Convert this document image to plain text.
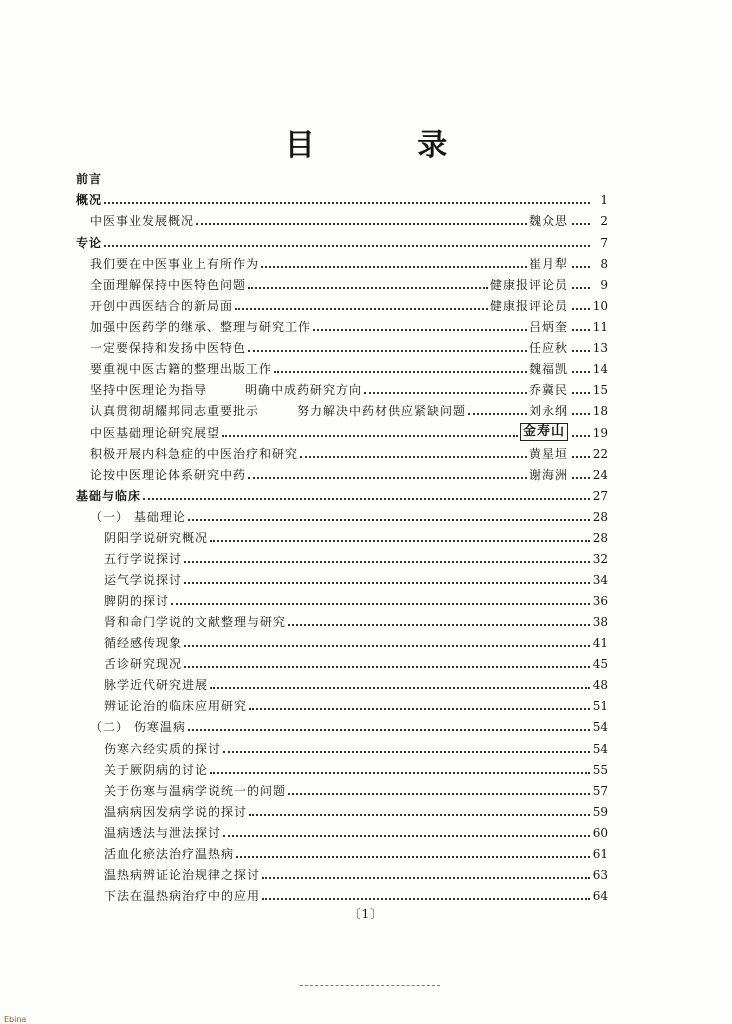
目 录
前言
概况	1
中医事业发展概况	魏众思	2
专论	7
我们要在中医事业上有所作为	崔月犁	8
全面理解保持中医特色问题	健康报评论员	9
开创中西医结合的新局面	健康报评论员 10
加强中医药学的继承、整理与研究工作	吕炳奎 11
一定要保持和发扬中医特色	任应秋 13
要重视中医古籍的整理出版工作	魏福凯 14
坚持中医理论为指导	明确中成药研究方向	乔冀民 15
认真贯彻胡耀邦同志重要批示	努力解决中药材供应紧缺问题	刘永纲 18
中医基础理论研究展望	金寿山 19
积极开展内科急症的中医治疗和研究	黄星垣 22
论按中医理论体系研究中药	谢海洲 24
基础与临床	27
（一） 基础理论	28
阴阳学说研究概况	28
五行学说探讨	32
运气学说探讨	34
脾阴的探讨	36
肾和命门学说的文献整理与研究	38
循经感传现象	41
舌诊研究现况	45
脉学近代研究进展	48
辨证论治的临床应用研究	51
（二） 伤寒温病	54
伤寒六经实质的探讨	54
关于厥阴病的讨论	55
关于伤寒与温病学说统一的问题	57
温病病因发病学说的探讨	59
温病透法与泄法探讨	60
活血化瘀法治疗温热病	61
温热病辨证论治规律之探讨	63
下法在温热病治疗中的应用	64
〔1〕
Ebina
